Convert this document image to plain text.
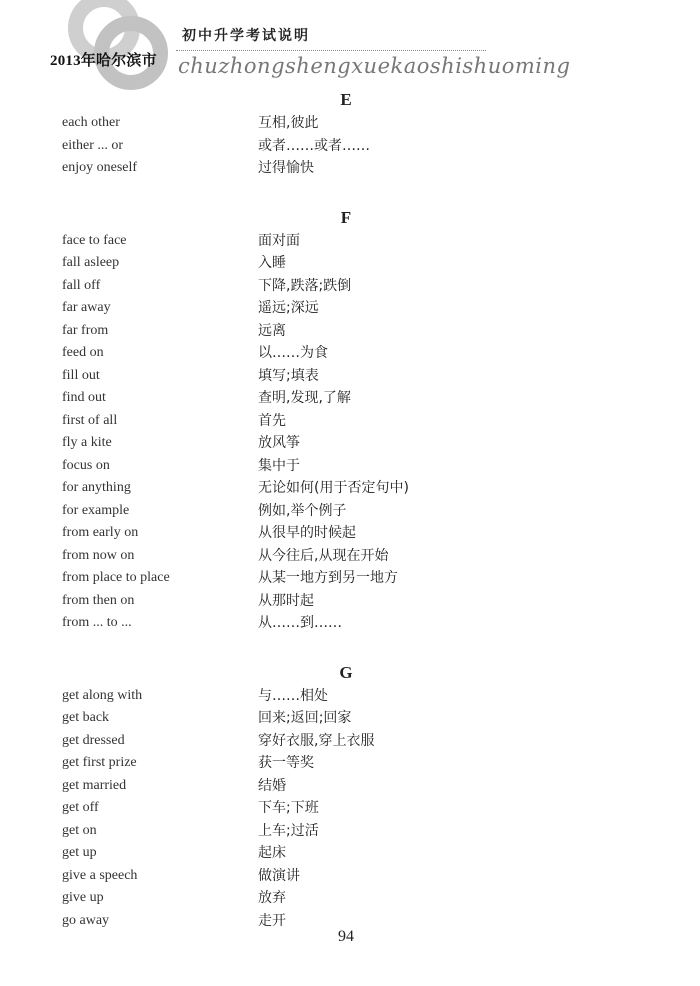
2013年哈尔滨市
初中升学考试说明
chuzhongshengxuekaoshishuoming
E
each other	互相,彼此
either ... or	或者……或者……
enjoy oneself	过得愉快
F
face to face	面对面
fall asleep	入睡
fall off	下降,跌落;跌倒
far away	遥远;深远
far from	远离
feed on	以……为食
fill out	填写;填表
find out	查明,发现,了解
first of all	首先
fly a kite	放风筝
focus on	集中于
for anything	无论如何(用于否定句中)
for example	例如,举个例子
from early on	从很早的时候起
from now on	从今往后,从现在开始
from place to place	从某一地方到另一地方
from then on	从那时起
from ... to ...	从……到……
G
get along with	与……相处
get back	回来;返回;回家
get dressed	穿好衣服,穿上衣服
get first prize	获一等奖
get married	结婚
get off	下车;下班
get on	上车;过活
get up	起床
give a speech	做演讲
give up	放弃
go away	走开
94
